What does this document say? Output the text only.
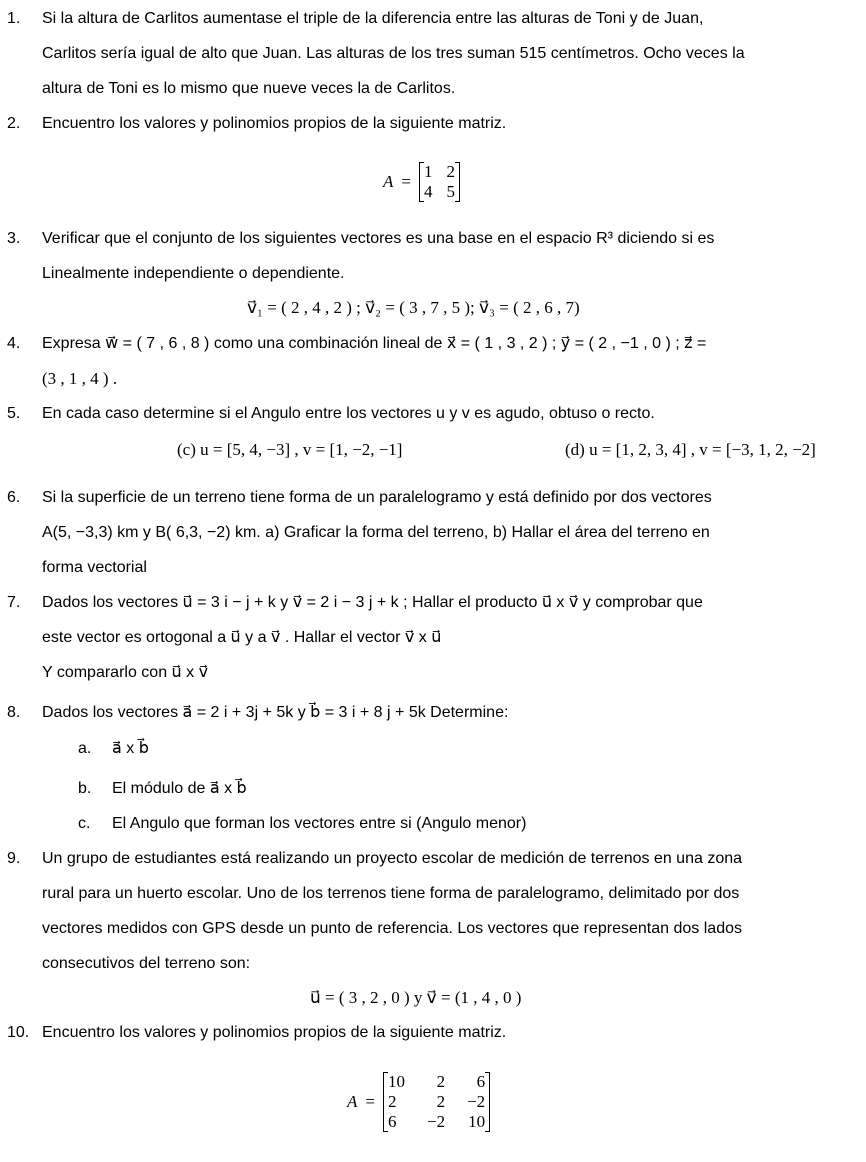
1. Si la altura de Carlitos aumentase el triple de la diferencia entre las alturas de Toni y de Juan,
Carlitos sería igual de alto que Juan. Las alturas de los tres suman 515 centímetros. Ocho veces la
altura de Toni es lo mismo que nueve veces la de Carlitos.
2. Encuentro los valores y polinomios propios de la siguiente matriz.
A =
1 2
4 5
3. Verificar que el conjunto de los siguientes vectores es una base en el espacio R³ diciendo si es
Linealmente independiente o dependiente.
v⃗₁ = ( 2 , 4 , 2 ) ; v⃗₂ = ( 3 , 7 , 5 ); v⃗₃ = ( 2 , 6 , 7)
4. Expresa w⃗ = ( 7 , 6 , 8 ) como una combinación lineal de x⃗ = ( 1 , 3 , 2 ) ; y⃗ = ( 2 , −1 , 0 ) ; z⃗ =
(3 , 1 , 4 ) .
5. En cada caso determine si el Angulo entre los vectores u y v es agudo, obtuso o recto.
(c) u = [5, 4, −3] , v = [1, −2, −1]	(d) u = [1, 2, 3, 4] , v = [−3, 1, 2, −2]
6. Si la superficie de un terreno tiene forma de un paralelogramo y está definido por dos vectores
A(5, −3,3) km y B( 6,3, −2) km. a) Graficar la forma del terreno, b) Hallar el área del terreno en
forma vectorial
7. Dados los vectores u⃗ = 3 i − j + k y v⃗ = 2 i − 3 j + k ; Hallar el producto u⃗ x v⃗ y comprobar que
este vector es ortogonal a u⃗ y a v⃗ . Hallar el vector v⃗ x u⃗
Y compararlo con u⃗ x v⃗
8. Dados los vectores a⃗ = 2 i + 3j + 5k y b⃗ = 3 i + 8 j + 5k Determine:
a. a⃗ x b⃗
b. El módulo de a⃗ x b⃗
c. El Angulo que forman los vectores entre si (Angulo menor)
9. Un grupo de estudiantes está realizando un proyecto escolar de medición de terrenos en una zona
rural para un huerto escolar. Uno de los terrenos tiene forma de paralelogramo, delimitado por dos
vectores medidos con GPS desde un punto de referencia. Los vectores que representan dos lados
consecutivos del terreno son:
u⃗ = ( 3 , 2 , 0 ) y v⃗ = (1 , 4 , 0 )
10. Encuentro los valores y polinomios propios de la siguiente matriz.
A =
10	2	6
2	2 −2
6	−2 10
